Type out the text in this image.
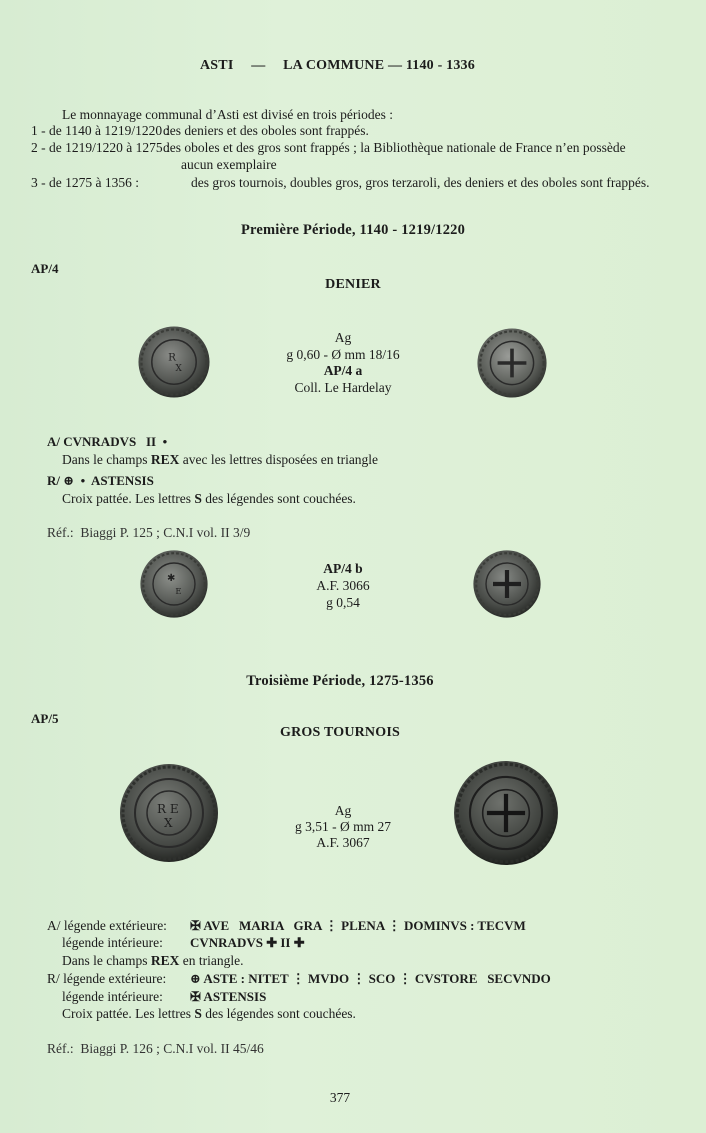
ASTI — LA COMMUNE — 1140 - 1336
Le monnayage communal d’Asti est divisé en trois périodes :
1 - de 1140 à 1219/1220 :
des deniers et des oboles sont frappés.
2 - de 1219/1220 à 1275 :
des oboles et des gros sont frappés ; la Bibliothèque nationale de France n’en possède
aucun exemplaire
3 - de 1275 à 1356 :	des gros tournois, doubles gros, gros terzaroli, des deniers et des oboles sont frappés.
Première Période, 1140 - 1219/1220
AP/4
DENIER
R
X
Ag
g 0,60 - Ø mm 18/16
AP/4 a
Coll. Le Hardelay
A/ CVNRADVS   II  •
Dans le champs REX avec les lettres disposées en triangle
R/ ⊕  •  ASTENSIS
Croix pattée. Les lettres S des légendes sont couchées.
Réf.:  Biaggi P. 125 ; C.N.I vol. II 3/9
✱
E
AP/4 b
A.F. 3066
g 0,54
Troisième Période, 1275-1356
AP/5
GROS TOURNOIS
R E
X
Ag
g 3,51 - Ø mm 27
A.F. 3067
A/ légende extérieure: ✠ AVE   MARIA   GRA ⋮ PLENA ⋮ DOMINVS : TECVM
légende intérieure: CVNRADVS ✚ II ✚
Dans le champs REX en triangle.
R/ légende extérieure: ⊕ ASTE : NITET ⋮ MVDO ⋮ SCO ⋮ CVSTORE   SECVNDO
légende intérieure: ✠ ASTENSIS
Croix pattée. Les lettres S des légendes sont couchées.
Réf.:  Biaggi P. 126 ; C.N.I vol. II 45/46
377
